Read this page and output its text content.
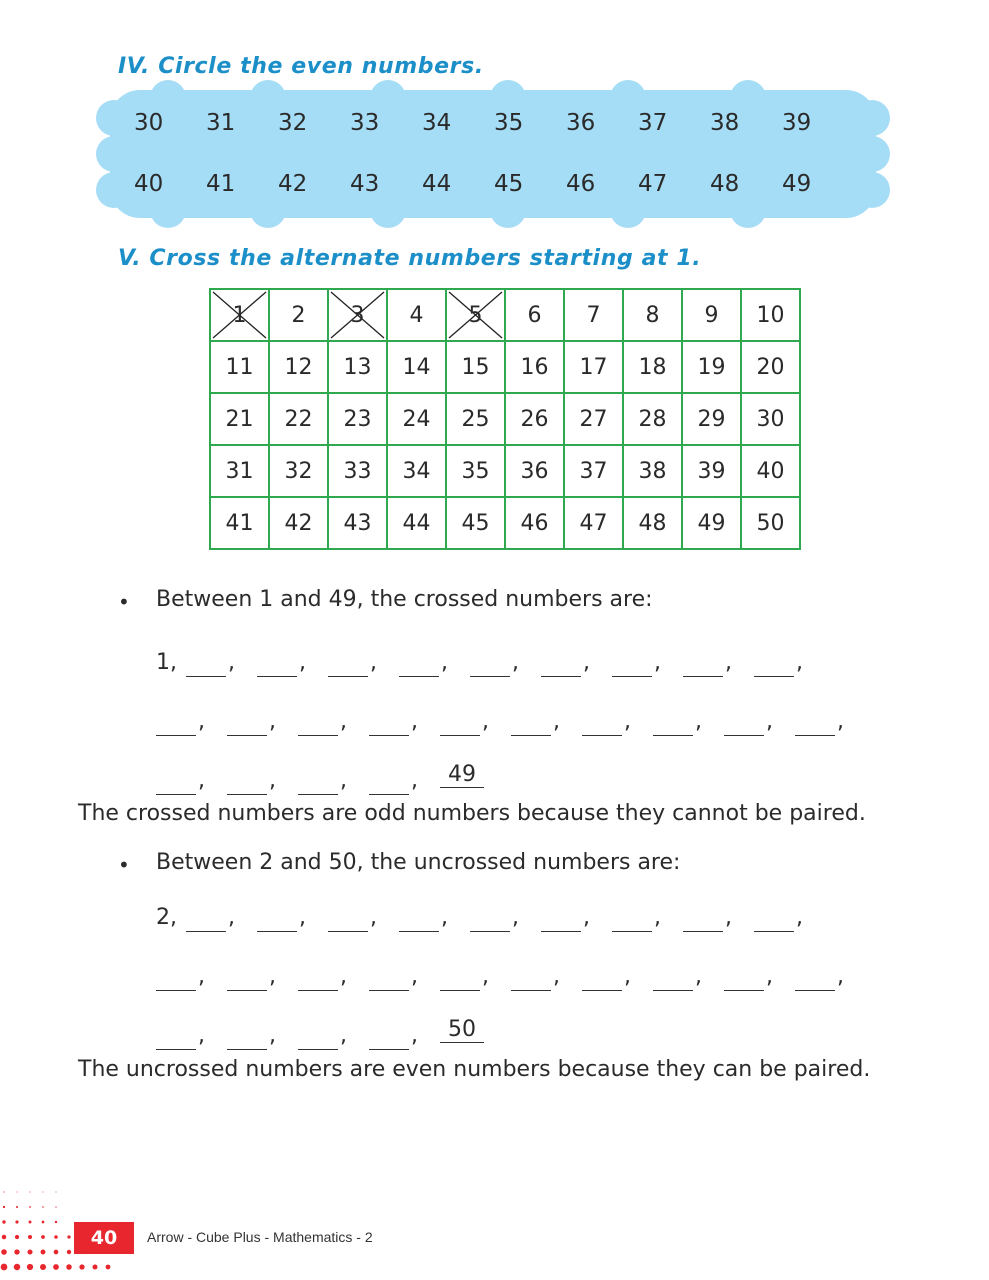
IV. Circle the even numbers.
30	31	32	33	34	35	36	37	38	39
40	41	42	43	44	45	46	47	48	49
V. Cross the alternate numbers starting at 1.
1	2	3	4	5	6	7	8	9	10
11	12	13	14	15	16	17	18	19	20
21	22	23	24	25	26	27	28	29	30
31	32	33	34	35	36	37	38	39	40
41	42	43	44	45	46	47	48	49	50
• Between 1 and 49, the crossed numbers are:
1, ,	,	,	,	,	,	,	,	,
,	,	,	,	,	,	,	,	,	,
,	,	,	,	49
The crossed numbers are odd numbers because they cannot be paired.
• Between 2 and 50, the uncrossed numbers are:
2, ,	,	,	,	,	,	,	,	,
,	,	,	,	,	,	,	,	,	,
,	,	,	,	50
The uncrossed numbers are even numbers because they can be paired.
40	Arrow - Cube Plus - Mathematics - 2
